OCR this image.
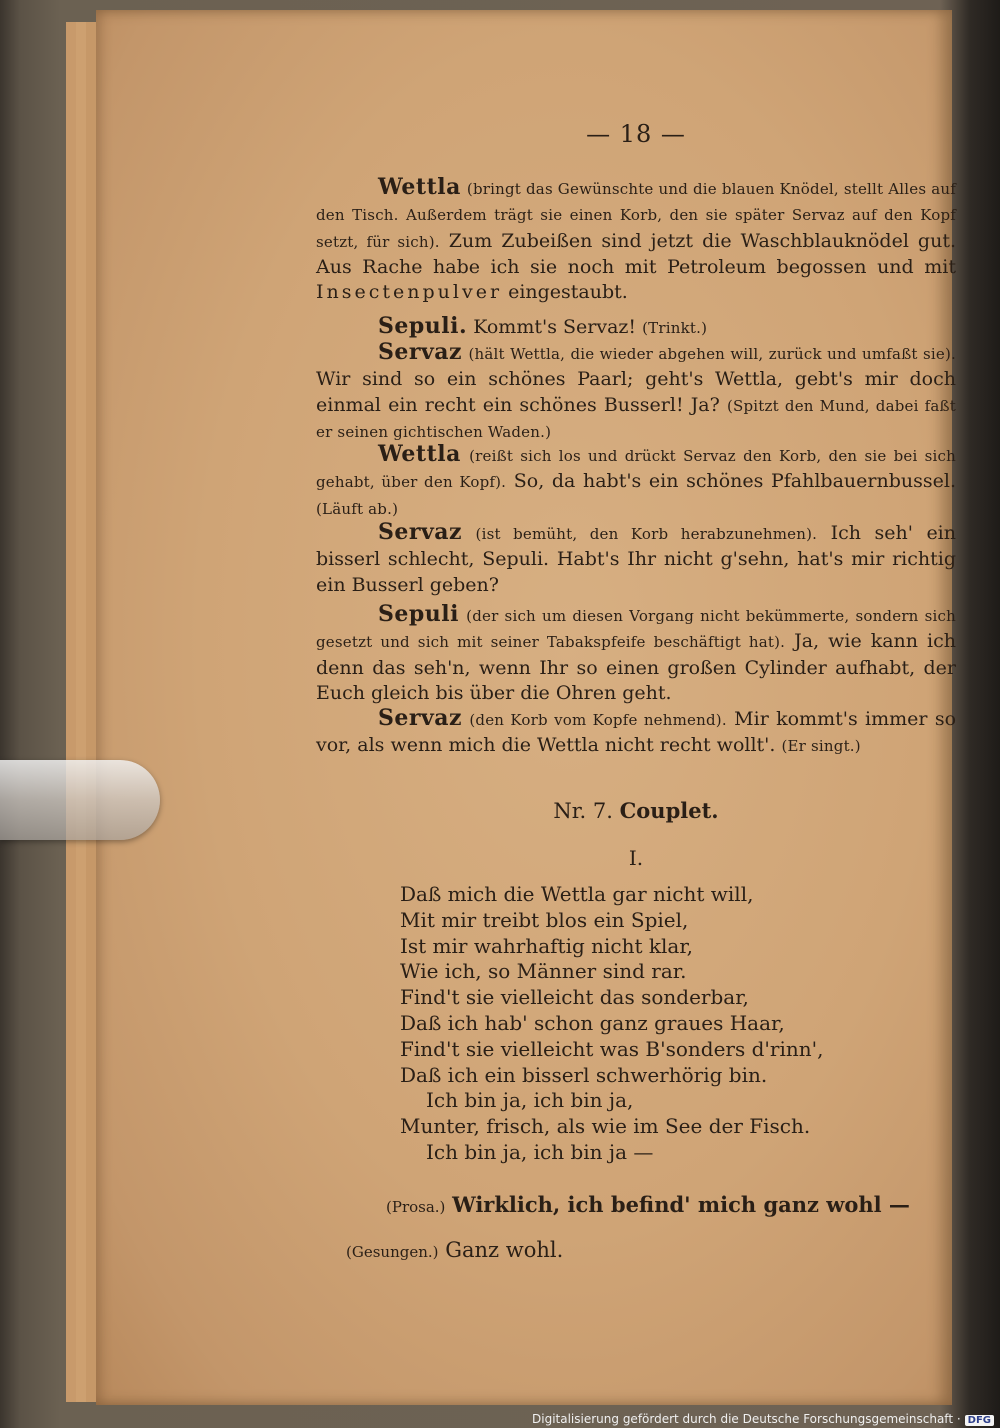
— 18 —
Wettla (bringt das Gewünschte und die blauen Knödel, stellt Alles auf den Tisch. Außerdem trägt sie einen Korb, den sie später Servaz auf den Kopf setzt, für sich). Zum Zubeißen sind jetzt die Waschblauknödel gut. Aus Rache habe ich sie noch mit Petroleum begossen und mit Insectenpulver eingestaubt.
Sepuli. Kommt's Servaz! (Trinkt.)
Servaz (hält Wettla, die wieder abgehen will, zurück und umfaßt sie). Wir sind so ein schönes Paarl; geht's Wettla, gebt's mir doch einmal ein recht ein schönes Busserl! Ja? (Spitzt den Mund, dabei faßt er seinen gichtischen Waden.)
Wettla (reißt sich los und drückt Servaz den Korb, den sie bei sich gehabt, über den Kopf). So, da habt's ein schönes Pfahlbauernbussel. (Läuft ab.)
Servaz (ist bemüht, den Korb herabzunehmen). Ich seh' ein bisserl schlecht, Sepuli. Habt's Ihr nicht g'sehn, hat's mir richtig ein Busserl geben?
Sepuli (der sich um diesen Vorgang nicht bekümmerte, sondern sich gesetzt und sich mit seiner Tabakspfeife beschäftigt hat). Ja, wie kann ich denn das seh'n, wenn Ihr so einen großen Cylinder aufhabt, der Euch gleich bis über die Ohren geht.
Servaz (den Korb vom Kopfe nehmend). Mir kommt's immer so vor, als wenn mich die Wettla nicht recht wollt'. (Er singt.)
Nr. 7. Couplet.
I.
Daß mich die Wettla gar nicht will,
Mit mir treibt blos ein Spiel,
Ist mir wahrhaftig nicht klar,
Wie ich, so Männer sind rar.
Find't sie vielleicht das sonderbar,
Daß ich hab' schon ganz graues Haar,
Find't sie vielleicht was B'sonders d'rinn',
Daß ich ein bisserl schwerhörig bin.
Ich bin ja, ich bin ja,
Munter, frisch, als wie im See der Fisch.
Ich bin ja, ich bin ja —
(Prosa.) Wirklich, ich befind' mich ganz wohl —
(Gesungen.) Ganz wohl.
Digitalisierung gefördert durch die Deutsche Forschungsgemeinschaft · DFG
